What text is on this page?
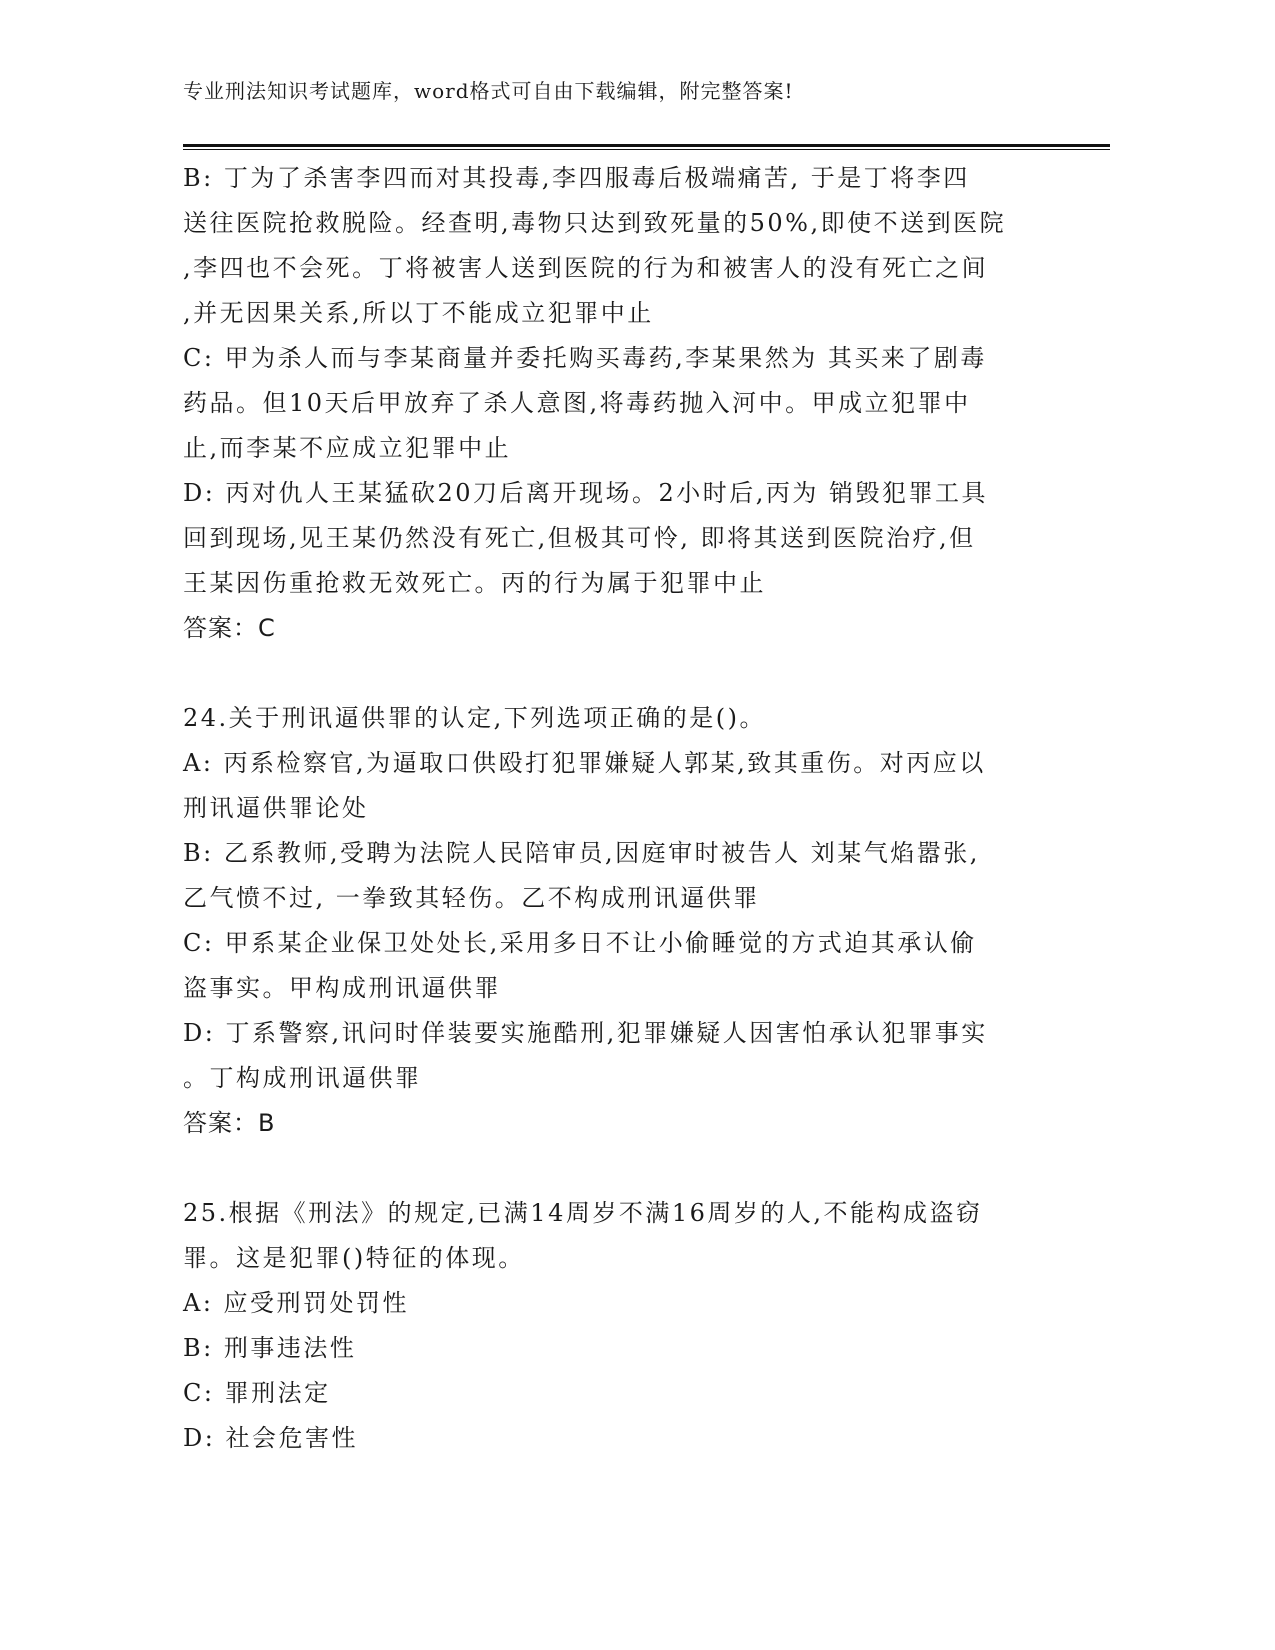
专业刑法知识考试题库，word格式可自由下载编辑，附完整答案!

B: 丁为了杀害李四而对其投毒,李四服毒后极端痛苦, 于是丁将李四

送往医院抢救脱险。经查明,毒物只达到致死量的50%,即使不送到医院

,李四也不会死。丁将被害人送到医院的行为和被害人的没有死亡之间

,并无因果关系,所以丁不能成立犯罪中止

C: 甲为杀人而与李某商量并委托购买毒药,李某果然为 其买来了剧毒

药品。但10天后甲放弃了杀人意图,将毒药抛入河中。甲成立犯罪中

止,而李某不应成立犯罪中止

D: 丙对仇人王某猛砍20刀后离开现场。2小时后,丙为 销毁犯罪工具

回到现场,见王某仍然没有死亡,但极其可怜, 即将其送到医院治疗,但

王某因伤重抢救无效死亡。丙的行为属于犯罪中止

答案：C

24.关于刑讯逼供罪的认定,下列选项正确的是()。

A: 丙系检察官,为逼取口供殴打犯罪嫌疑人郭某,致其重伤。对丙应以

刑讯逼供罪论处

B: 乙系教师,受聘为法院人民陪审员,因庭审时被告人 刘某气焰嚣张,

乙气愤不过, 一拳致其轻伤。乙不构成刑讯逼供罪

C: 甲系某企业保卫处处长,采用多日不让小偷睡觉的方式迫其承认偷

盗事实。甲构成刑讯逼供罪

D: 丁系警察,讯问时佯装要实施酷刑,犯罪嫌疑人因害怕承认犯罪事实

。丁构成刑讯逼供罪

答案：B

25.根据《刑法》的规定,已满14周岁不满16周岁的人,不能构成盗窃

罪。这是犯罪()特征的体现。

A: 应受刑罚处罚性

B: 刑事违法性

C: 罪刑法定

D: 社会危害性
